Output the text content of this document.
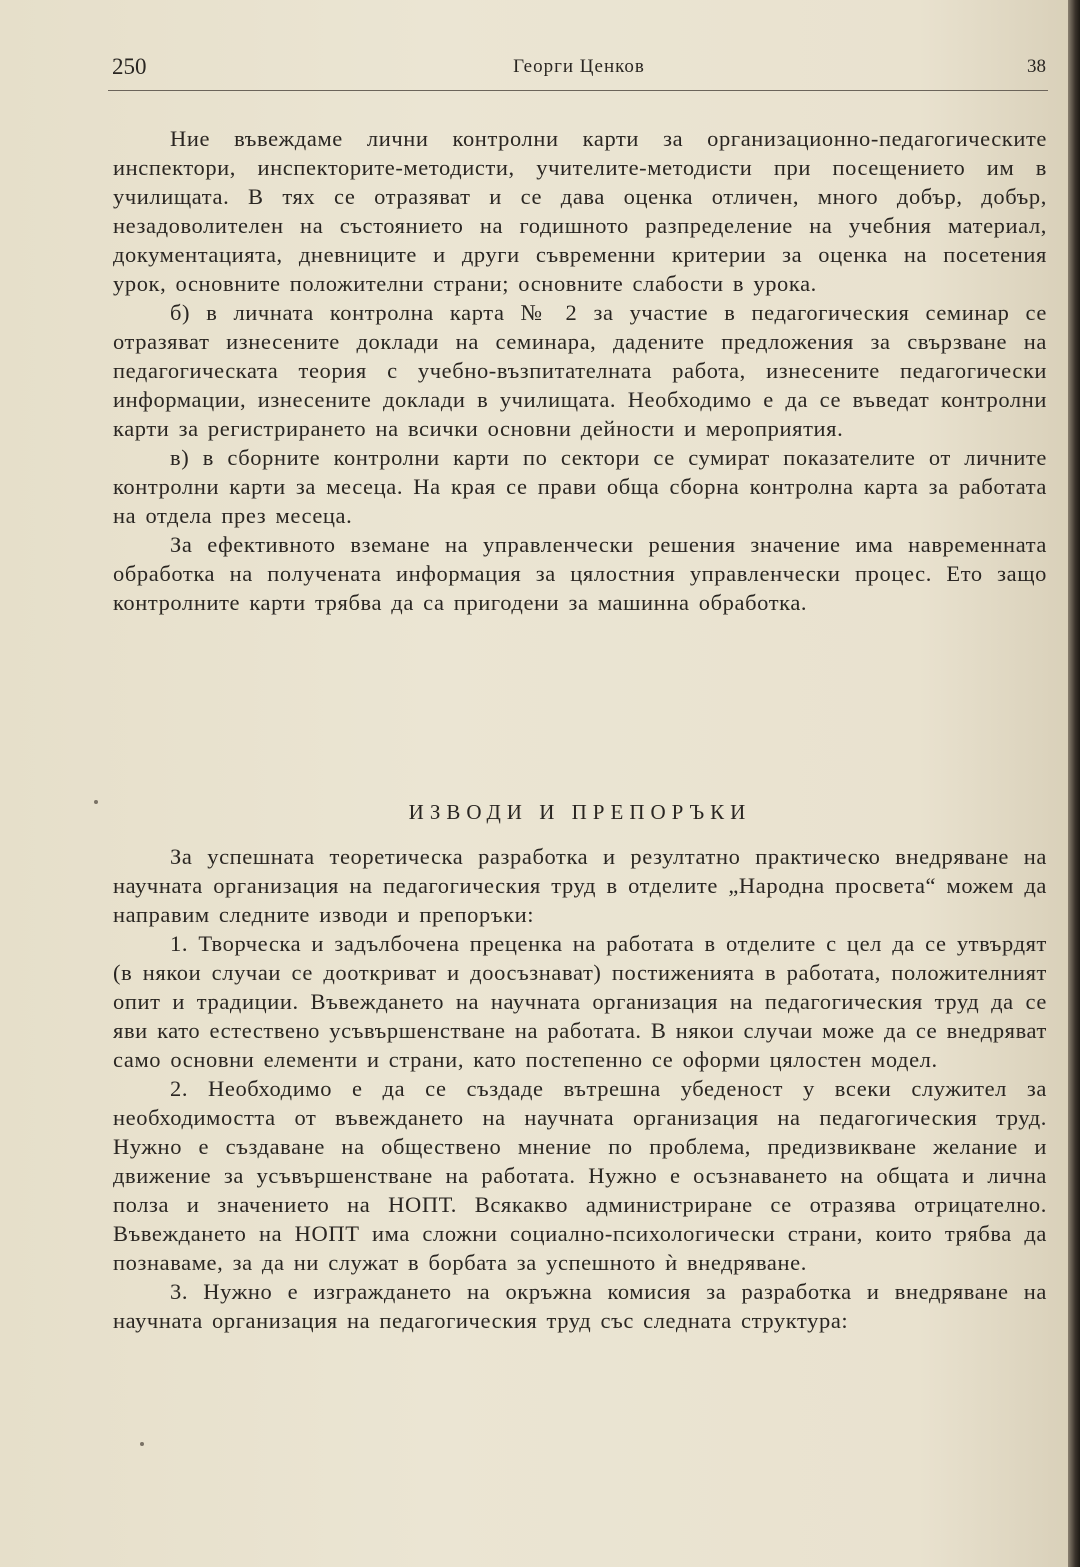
250	Георги Ценков	38

Ние въвеждаме лични контролни карти за организационно-педагогическите инспектори, инспекторите-методисти, учителите-методисти при посещението им в училищата. В тях се отразяват и се дава оценка отличен, много добър, добър, незадоволителен на състоянието на годишното разпределение на учебния материал, документацията, дневниците и други съвременни критерии за оценка на посетения урок, основните положителни страни; основните слабости в урока.

б) в личната контролна карта № 2 за участие в педагогическия семинар се отразяват изнесените доклади на семинара, дадените предложения за свързване на педагогическата теория с учебно-възпитателната работа, изнесените педагогически информации, изнесените доклади в училищата. Необходимо е да се въведат контролни карти за регистрирането на всички основни дейности и мероприятия.

в) в сборните контролни карти по сектори се сумират показателите от личните контролни карти за месеца. На края се прави обща сборна контролна карта за работата на отдела през месеца.

За ефективното вземане на управленчески решения значение има навременната обработка на получената информация за цялостния управленчески процес. Ето защо контролните карти трябва да са пригодени за машинна обработка.

ИЗВОДИ И ПРЕПОРЪКИ

За успешната теоретическа разработка и резултатно практическо внедряване на научната организация на педагогическия труд в отделите „Народна просвета“ можем да направим следните изводи и препоръки:

1. Творческа и задълбочена преценка на работата в отделите с цел да се утвърдят (в някои случаи се дооткриват и доосъзнават) постиженията в работата, положителният опит и традиции. Въвеждането на научната организация на педагогическия труд да се яви като естествено усъвършенстване на работата. В някои случаи може да се внедряват само основни елементи и страни, като постепенно се оформи цялостен модел.

2. Необходимо е да се създаде вътрешна убеденост у всеки служител за необходимостта от въвеждането на научната организация на педагогическия труд. Нужно е създаване на обществено мнение по проблема, предизвикване желание и движение за усъвършенстване на работата. Нужно е осъзнаването на общата и лична полза и значението на НОПТ. Всякакво администриране се отразява отрицателно. Въвеждането на НОПТ има сложни социално-психологически страни, които трябва да познаваме, за да ни служат в борбата за успешното ѝ внедряване.

3. Нужно е изграждането на окръжна комисия за разработка и внедряване на научната организация на педагогическия труд със следната структура:
